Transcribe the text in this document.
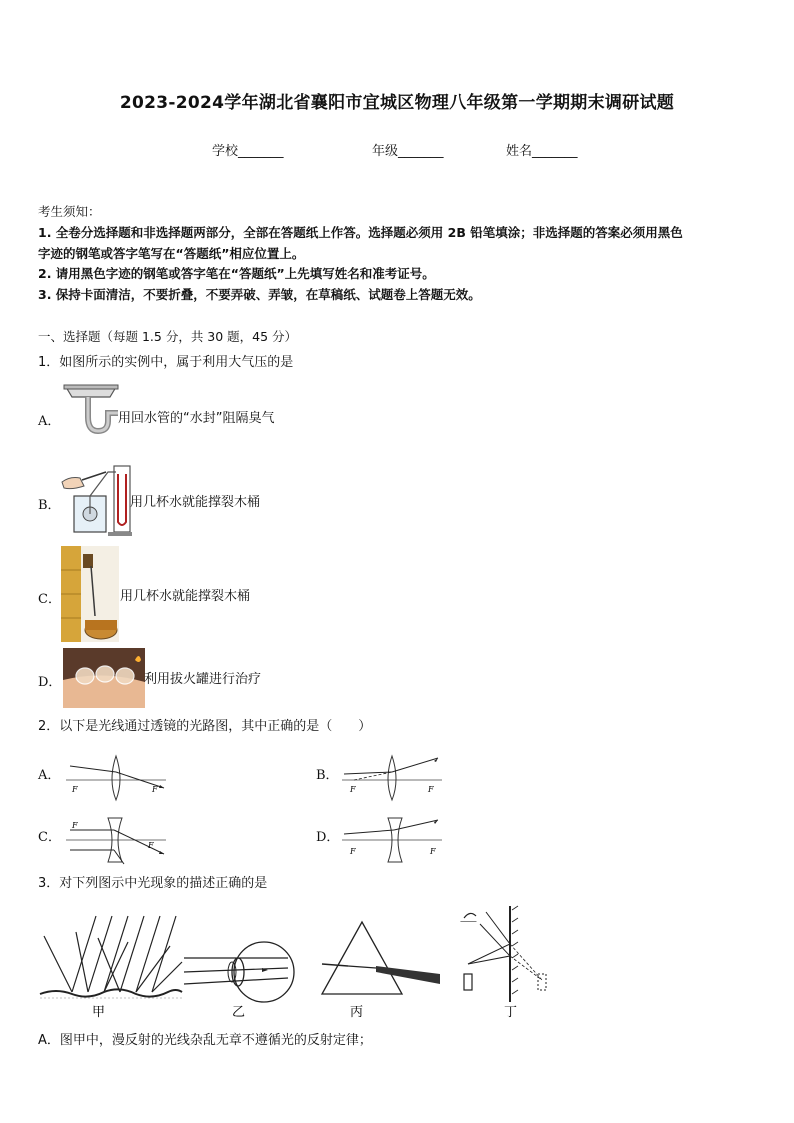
2023-2024学年湖北省襄阳市宜城区物理八年级第一学期期末调研试题
学校_______	年级_______	姓名_______
考生须知：
1. 全卷分选择题和非选择题两部分，全部在答题纸上作答。选择题必须用 2B 铅笔填涂；非选择题的答案必须用黑色
字迹的钢笔或答字笔写在“答题纸”相应位置上。
2. 请用黑色字迹的钢笔或答字笔在“答题纸”上先填写姓名和准考证号。
3. 保持卡面清洁，不要折叠，不要弄破、弄皱，在草稿纸、试题卷上答题无效。
一、选择题（每题 1.5 分，共 30 题，45 分）
1．如图所示的实例中，属于利用大气压的是
A．	用回水管的“水封”阻隔臭气
B．	用几杯水就能撑裂木桶
C．	用几杯水就能撑裂木桶
D．	利用拔火罐进行治疗
2．以下是光线通过透镜的光路图，其中正确的是（　　）
A．
F	F
B．
F	F
C．
F
F
D．
F	F
3．对下列图示中光现象的描述正确的是
甲	乙	丙
⸺
丁
A．图甲中，漫反射的光线杂乱无章不遵循光的反射定律；
